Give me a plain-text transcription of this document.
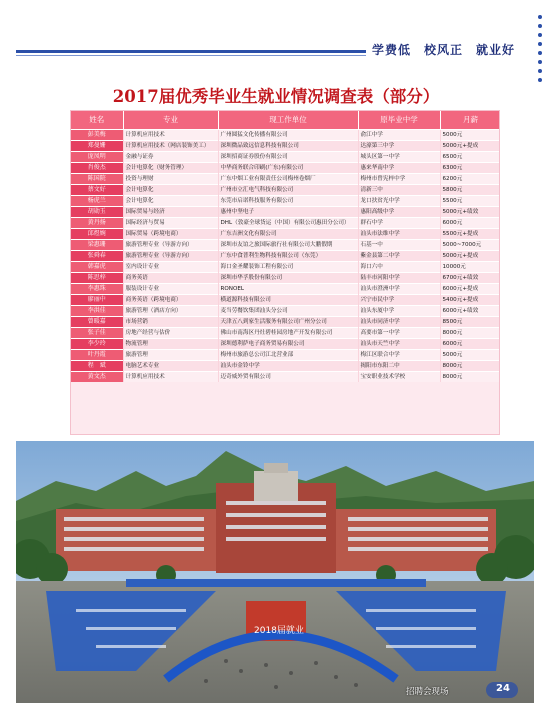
学费低　校风正　就业好
2017届优秀毕业生就业情况调查表（部分）
姓名	专业	现工作单位	原毕业中学	月薪
彭美梅	计算机应用技术	广州圆猛文化传播有限公司	俞江中学	5000元
郑曼姗	计算机应用技术（网店装饰美工）	深圳微品致远信息科技有限公司	达濠第三中学	5000元+提成
庞凤明	金融与证券	深圳招商证券股份有限公司	城头区第一中学	6500元
肖俊杰	会计电算化（财务管理）	中华商务联合印刷(广东)有限公司	惠来华南中学	6300元
陈国院	投资与理财	广东中烟工业有限责任公司梅州卷烟厂	梅州市曾宪梓中学	6200元
蔡文好	会计电算化	广州市立汇电气科技有限公司	清新三中	5800元
杨虎兰	会计电算化	东莞市启诺科技服务有限公司	龙口扶贫光中学	5500元
胡勋玉	国际贸易与经济	惠州中坚电子	惠阳高级中学	5000元+绩效
黄丹扬	国际经济与贸易	DHL（敦豪全球货运（中国）有限公司惠田分公司）	群石中学	6000元
邱煜婉	国际贸易（跨境电商）	广东吉洲文化有限公司	汕头市法维中学	5500元+提成
梁惠珊	旅游管理专业（导游方向）	深圳市友谊之旅国际旅行社有限公司大鹏假期	石基一中	5000~7000元
张舜春	旅游管理专业（导游方向）	广东中食普利生物科技有限公司（东莞）	紫金县第二中学	5000元+提成
韩嘉虎	室内设计专业	海口金圣耀装饰工程有限公司	海口六中	10000元
陈思梓	商务英语	深圳市华孚股份有限公司	陆丰市河阳中学	6700元+绩效
李惠珠	服装设计专业	RONOEL	汕头市澄洲中学	6000元+提成
廖丽中	商务英语（跨境电商）	横道源科技有限公司	兴宁市民中学	5400元+提成
李洪佳	旅游管理（酒店方向）	麦当劳餐饮集团汕头分公司	汕头东厦中学	6000元+绩效
曾暖嘉	市场营销	天津五八到家生活服务有限公司广州分公司	汕头市同济中学	8500元
张子佳	房地产经营与估价	佛山市南海区丹灶碧桂园房地产开发有限公司	高要市第一中学	8000元
李少玲	物流管理	深圳德利萨电子商务贸易有限公司	汕头市天竺中学	6000元
叶丹霞	旅游管理	梅州市旅游总公司江北营业部	梅江区联合中学	5000元
程　斌	电脑艺术专业	汕头市金铃中学	揭阳市东阳二中	8000元
黄文杰	计算机应用技术	迈奇威外贸有限公司	宝安职业技术学校	8000元
2018届就业
招聘会现场	24
